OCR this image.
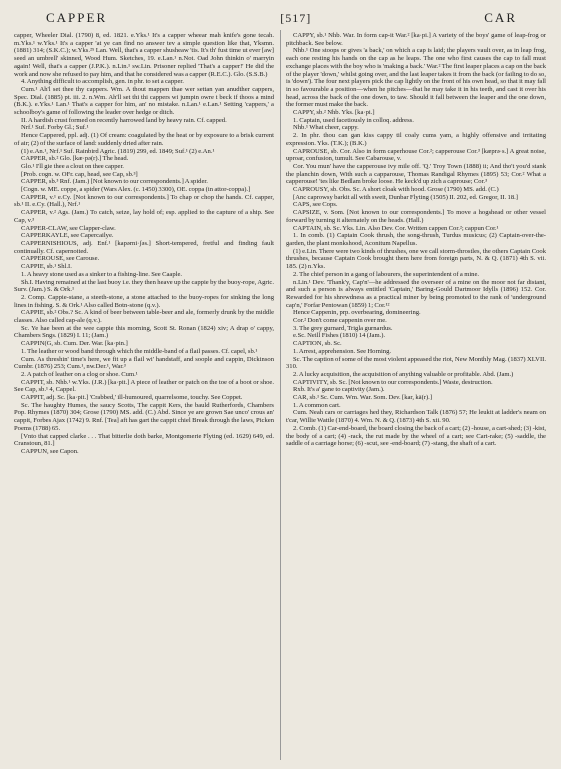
CAPPER	[517]	CAR

capper, Wheeler Dial. (1790) 8, ed. 1821. e.Yks.¹ It's a capper wheear mah knife's gone tecah. m.Yks.¹ w.Yks.¹ It's a capper 'at ye can find no answer tev a simple question like that, Yksmn. (1881) 314; (S.K.C.); w.Yks.²⁵ Lan. Well, that's a capper shusheaw 'tis. It's th' fust time ut ever [aw] seed an umbrell' skinned, Wood Hum. Sketches, 19. e.Lan.¹ n.Not. Oad John thinkin o' marryin again! Well, that's a capper (J.P.K.). n.Lin.¹ sw.Lin. Prisoner replied 'That's a capper!' He did the work and now she refused to pay him, and that he considered was a capper (R.E.C.). Glo. (S.S.B.)

4. Anything difficult to accomplish, gen. in phr. to set a capper.

Cum.¹ Ah'l set thee thy cappers. Wm. A thout mappen thae wer settan yan anudther cappers, Spec. Dial. (1885) pt. iii. 2. n.Wm. Ah'll set thi thi cappers wi jumpin owre t beck if thoos a mind (B.K.). e.Yks.¹ Lan.¹ That's a capper for him, an' no mistake. n.Lan.¹ e.Lan.¹ Setting 'cappers,' a schoolboy's game of following the leader over hedge or ditch.

II. A hardish crust formed on recently harrowed land by heavy rain. Cf. capped.

Nrf.¹ Suf. Forby Gl.; Suf.¹

Hence Cappered, ppl. adj. (1) Of cream: coagulated by the heat or by exposure to a brisk current of air; (2) of the surface of land: suddenly dried after rain.

(1) e.An.¹, Nrf.¹ Suf. Rainbird Agric. (1819) 299, ed. 1849; Suf.¹ (2) e.An.¹

CAPPER, sb.² Glo. [kæ·pə(r).] The head.

Glo.¹ I'll gie thee a clout on thee capper.

[Prob. cogn. w. OFr. cap, head, see Cap, sb.³]

CAPPER, sb.³ Rnf. (Jam.) [Not known to our correspondents.] A spider.

[Cogn. w. ME. coppe, a spider (Wars Alex. (c. 1450) 3300), OE. coppa (in attor-coppa).]

CAPPER, v.¹ e.Cy. [Not known to our correspondents.] To chap or chop the hands. Cf. capper, sb.¹ II. e.Cy. (Hall.), Nrf.¹

CAPPER, v.² Ags. (Jam.) To catch, seize, lay hold of; esp. applied to the capture of a ship. See Cap, v.³

CAPPER-CLAW, see Clapper-claw.

CAPPERKAYLE, see Capercailye.

CAPPERNISHIOUS, adj. Enf.¹ [kapərni·ʃəs.] Short-tempered, fretful and finding fault continually. Cf. capernoited.

CAPPEROUSE, see Carouse.

CAPPIE, sb.¹ Shl.I.

1. A heavy stone used as a sinker to a fishing-line. See Caaple.

Sh.I. Having remained at the last buoy i.e. they then heave up the cappie by the buoy-rope, Agric. Surv. (Jam.) S. & Ork.¹

2. Comp. Cappie-stane, a steeth-stone, a stone attached to the buoy-ropes for sinking the long lines in fishing. S. & Ork.¹ Also called Botn-stone (q.v.).

CAPPIE, sb.² Obs.? Sc. A kind of beer between table-beer and ale, formerly drunk by the middle classes. Also called cap-ale (q.v.).

Sc. Ye hae been at the wee cappie this morning, Scott St. Ronan (1824) xiv; A drap o' cappy, Chambers Sngs. (1829) I. 11; (Jam.)

CAPPIN(G, sb. Cum. Der. War. [ka·pin.]

1. The leather or wood band through which the middle-band of a flail passes. Cf. capel, sb.¹

Cum. As threshin' time's here, we fit up a flail wi' handstaff, and soople and cappin, Dickinson Cumbr. (1876) 253; Cum.¹, nw.Der.¹, War.³

2. A patch of leather on a clog or shoe. Cum.¹

CAPPIT, sb. Nhb.¹ w.Yks. (J.R.) [ka·pit.] A piece of leather or patch on the toe of a boot or shoe. See Cap, sb.¹ 4, Cappel.

CAPPIT, adj. Sc. [ka·pit.] 'Crabbed,' ill-humoured, quarrelsome, touchy. See Coppet.

Sc. The haughty Humes, the saucy Scotts, The cappit Kers, the bauld Rutherfords, Chambers Pop. Rhymes (1870) 304; Grose (1790) MS. add. (C.) Abd. Since ye are grown Sae unco' crous an' cappit, Forbes Ajax (1742) 9. Rnf. [Tea] aft has gart the cappit chiel Break through the laws, Picken Poems (1788) 65.

[Vnto that capped clarke . . . That bitterlie doth barke, Montgomerie Flyting (ed. 1629) 649, ed. Cranstoun, 81.]

CAPPUN, see Capon.

CAPPY, sb.¹ Nhb. War. In form cap-it War.² [ka·pi.] A variety of the boys' game of leap-frog or pitchback. See below.

Nhb.¹ One stoops or gives 'a back,' on which a cap is laid; the players vault over, as in leap frog, each one resting his hands on the cap as he leaps. The one who first causes the cap to fall must exchange places with the boy who is 'making a back.' War.² The first leaper places a cap on the back of the player 'down,' whilst going over, and the last leaper takes it from the back (or failing to do so, is 'down'). The four next players pick the cap lightly on the front of his own head, so that it may fall in so favourable a position—when he pitches—that he may take it in his teeth, and cast it over his head, across the back of the one down, to taw. Should it fall between the leaper and the one down, the former must make the back.

CAPPY, sb.² Nhb. Yks. [ka·pi.]

1. Captain, used facetiously in colloq. address.

Nhb.¹ What cheer, cappy.

2. In phr. thou can gan kiss cappy til coaly cums yam, a highly offensive and irritating expression. Yks. (T.K.); (B.K.)

CAPROUSE, sb. Cor. Also in form caperhouse Cor.²; capperouse Cor.³ [kæprə·s.] A great noise, uproar, confusion, tumult. See Cabarouse, v.

Cor. You mun' have the capperouse ivy mile off. 'Q.' Troy Town (1888) ii; And tho't you'd stank the planchin down, With such a capparouse, Thomas Randigal Rhymes (1895) 53; Cor.² What a capperouse! 'tes like Bedlam broke loose. He keck'd up zich a caprouse; Cor.³

CAPROUSY, sb. Obs. Sc. A short cloak with hood. Grose (1790) MS. add. (C.)

[Anc caprowsy barkit all with sweit, Dunbar Flyting (1505) II. 202, ed. Gregor, II. 18.]

CAPS, see Cops.

CAPSIZE, v. Som. [Not known to our correspondents.] To move a hogshead or other vessel forward by turning it alternately on the heads. (Hall.)

CAPTAIN, sb. Sc. Yks. Lin. Also Dev. Cor. Written cappen Cor.²; cappun Cor.¹

1. In comb. (1) Captain Cook thrush, the song-thrush, Turdus musicus; (2) Captain-over-the-garden, the plant monkshood, Aconitum Napellus.

(1) e.Lin. There were two kinds of thrushes, one we call storm-throstles, the others Captain Cook thrushes, because Captain Cook brought them here from foreign parts, N. & Q. (1871) 4th S. vii. 185. (2) n.Yks.

2. The chief person in a gang of labourers, the superintendent of a mine.

n.Lin.¹ Dev. 'Thank'y, Cap'n'—he addressed the overseer of a mine on the moor not far distant, and such a person is always entitled 'Captain,' Baring-Gould Dartmoor Idylls (1896) 152. Cor. Rewarded for his shrewdness as a practical miner by being promoted to the rank of 'underground cap'n,' Forfar Pentowan (1859) 1; Cor.¹²

Hence Cappenin, prp. overbearing, domineering.

Cor.² Don't come cappenin over me.

3. The grey gurnard, Trigla gurnardus.

e.Sc. Neill Fishes (1810) 14 (Jam.).

CAPTION, sb. Sc.

1. Arrest, apprehension. See Horning.

Sc. The caption of some of the most violent appeased the riot, New Monthly Mag. (1837) XLVII. 310.

2. A lucky acquisition, the acquisition of anything valuable or profitable. Abd. (Jam.)

CAPTIVITY, sb. Sc. [Not known to our correspondents.] Waste, destruction.

Rxb. It's a' gane to captivity (Jam.).

CAR, sb.¹ Sc. Cum. Wm. War. Som. Dev. [kar, kā(r).]

1. A common cart.

Cum. Neah cars or carriages hed they, Richardson Talk (1876) 57; He leukit at ladder's neam on t'car, Willie Wattle (1870) 4. Wm. N. & Q. (1873) 4th S. xii. 90.

2. Comb. (1) Car-end-board, the board closing the back of a cart; (2) -house, a cart-shed; (3) -kist, the body of a cart; (4) -rack, the rut made by the wheel of a cart; see Cart-rake; (5) -saddle, the saddle of a carriage horse; (6) -scut, see -end-board; (7) -stang, the shaft of a cart.
